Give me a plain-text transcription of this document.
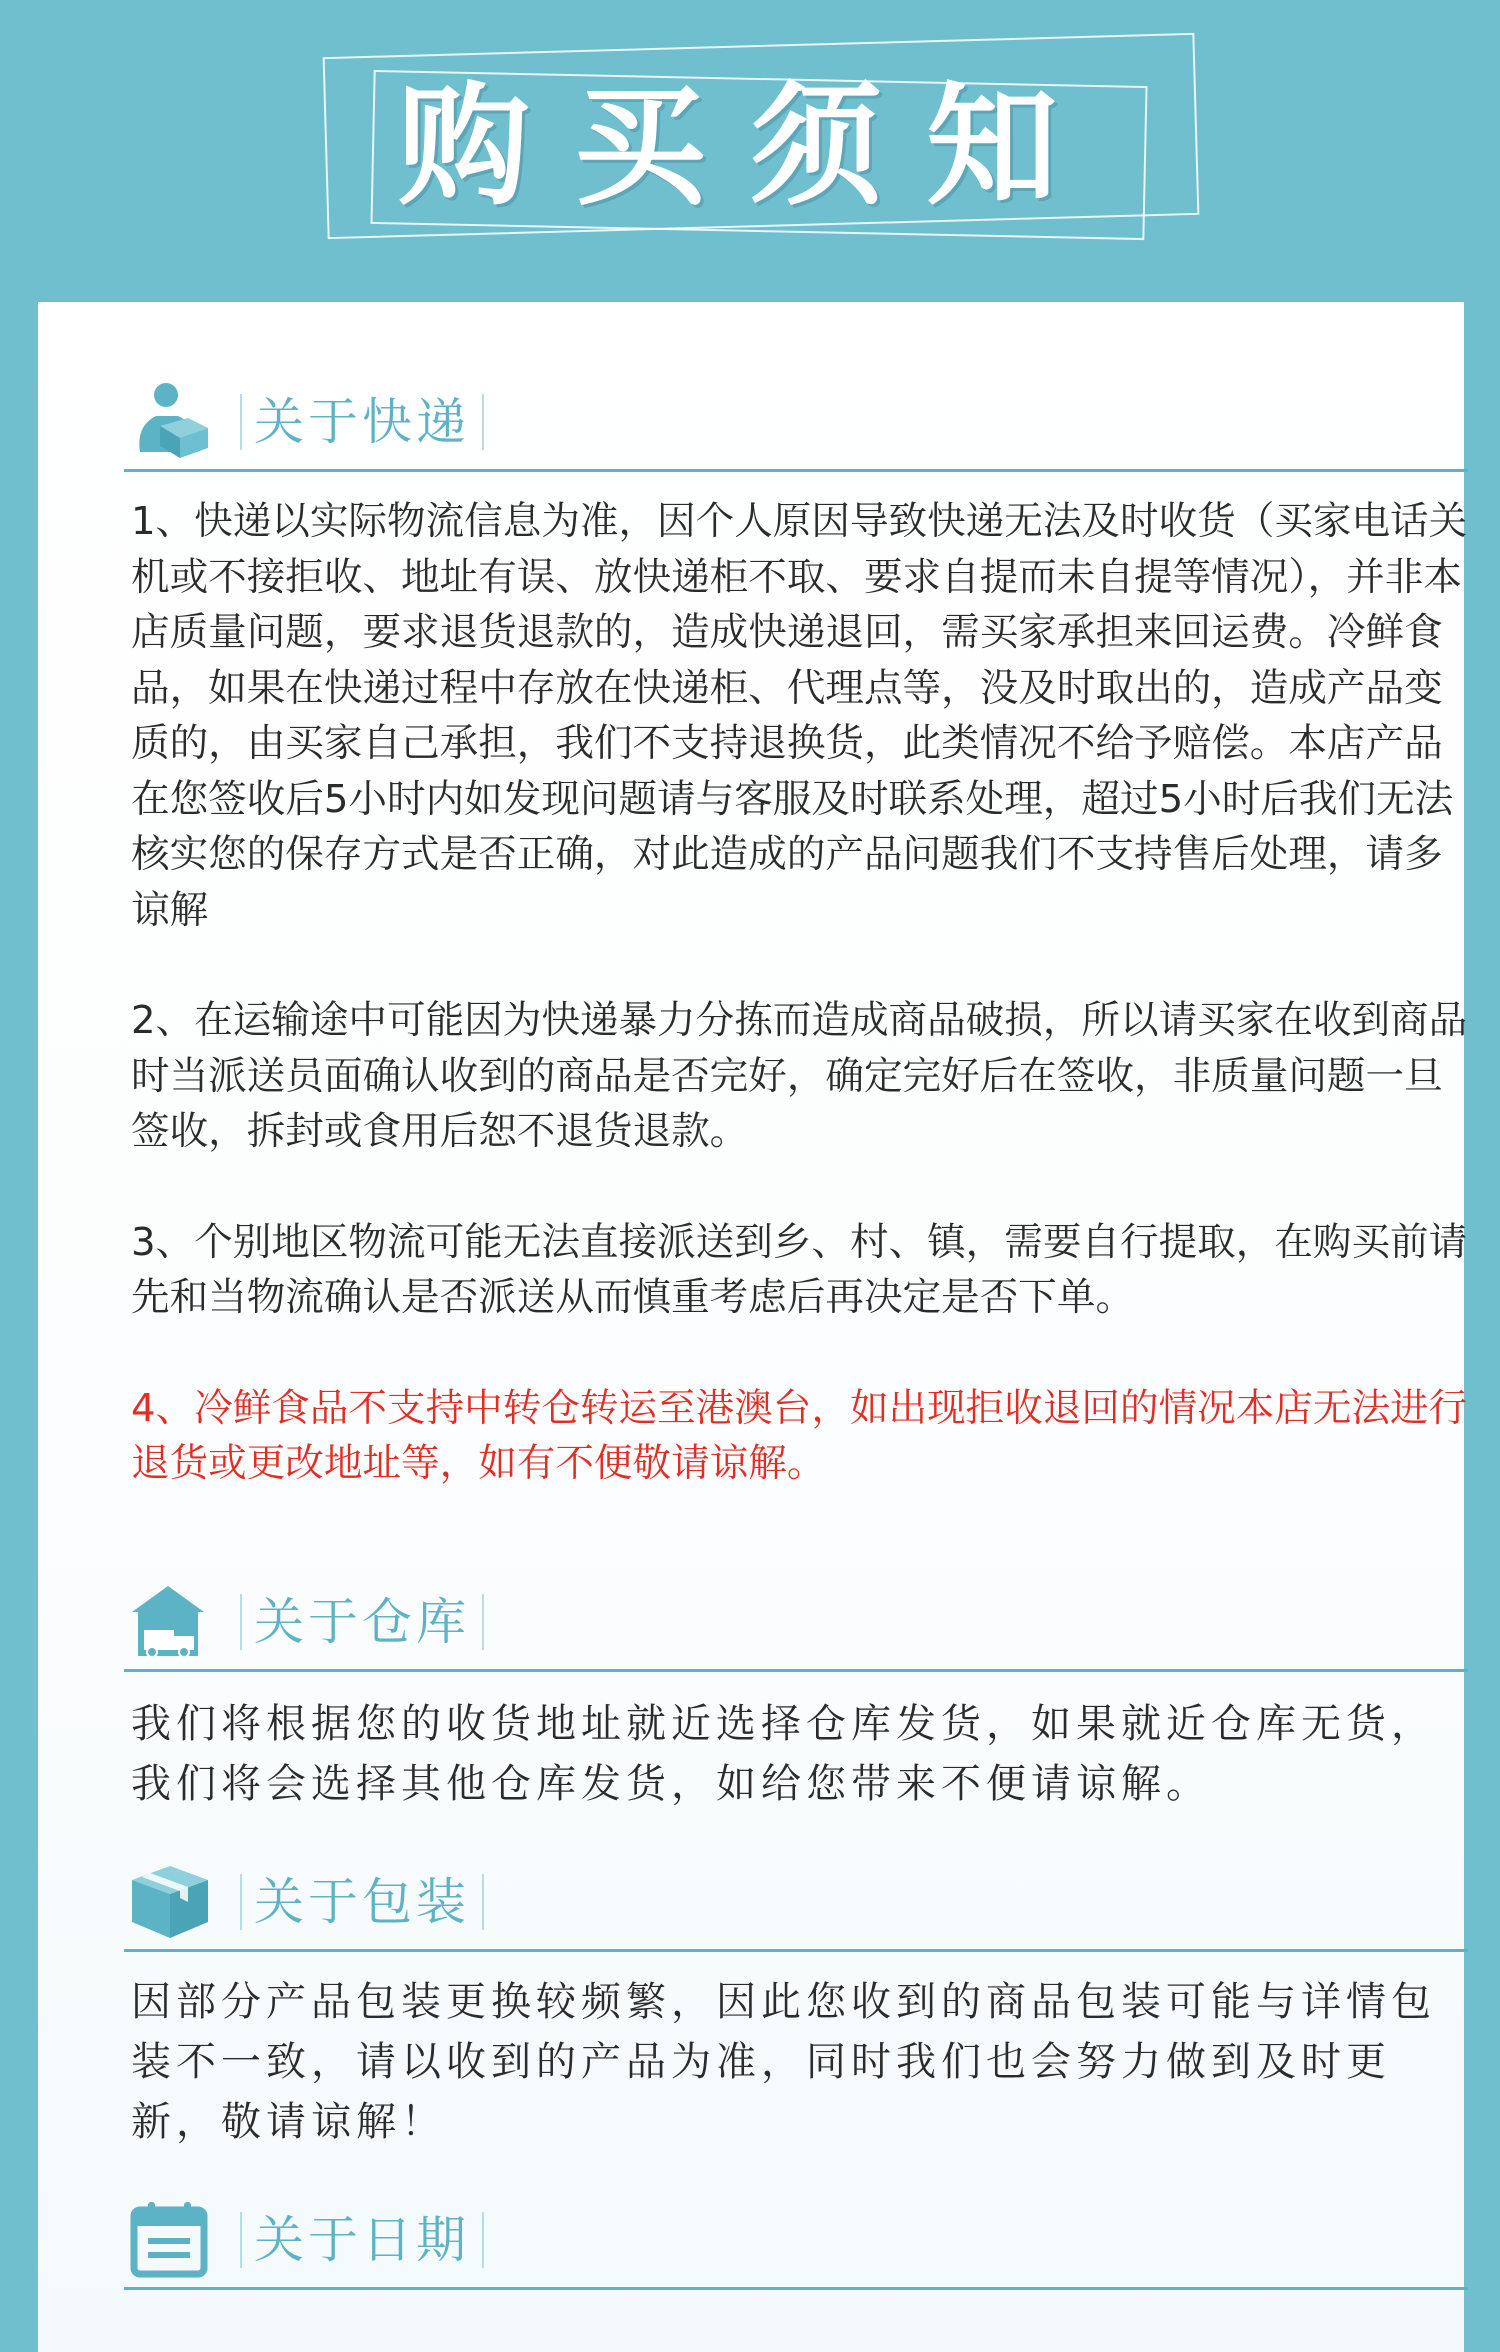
购买须知
关于快递

1、快递以实际物流信息为准，因个人原因导致快递无法及时收货（买家电话关机或不接拒收、地址有误、放快递柜不取、要求自提而未自提等情况），并非本店质量问题，要求退货退款的，造成快递退回，需买家承担来回运费。冷鲜食品，如果在快递过程中存放在快递柜、代理点等，没及时取出的，造成产品变质的，由买家自己承担，我们不支持退换货，此类情况不给予赔偿。本店产品在您签收后5小时内如发现问题请与客服及时联系处理，超过5小时后我们无法核实您的保存方式是否正确，对此造成的产品问题我们不支持售后处理，请多谅解

2、在运输途中可能因为快递暴力分拣而造成商品破损，所以请买家在收到商品时当派送员面确认收到的商品是否完好，确定完好后在签收，非质量问题一旦签收，拆封或食用后恕不退货退款。

3、个别地区物流可能无法直接派送到乡、村、镇，需要自行提取，在购买前请先和当物流确认是否派送从而慎重考虑后再决定是否下单。

4、冷鲜食品不支持中转仓转运至港澳台，如出现拒收退回的情况本店无法进行退货或更改地址等，如有不便敬请谅解。

关于仓库

我们将根据您的收货地址就近选择仓库发货，如果就近仓库无货，我们将会选择其他仓库发货，如给您带来不便请谅解。

关于包装

因部分产品包装更换较频繁，因此您收到的商品包装可能与详情包装不一致，请以收到的产品为准，同时我们也会努力做到及时更新，敬请谅解！

关于日期
